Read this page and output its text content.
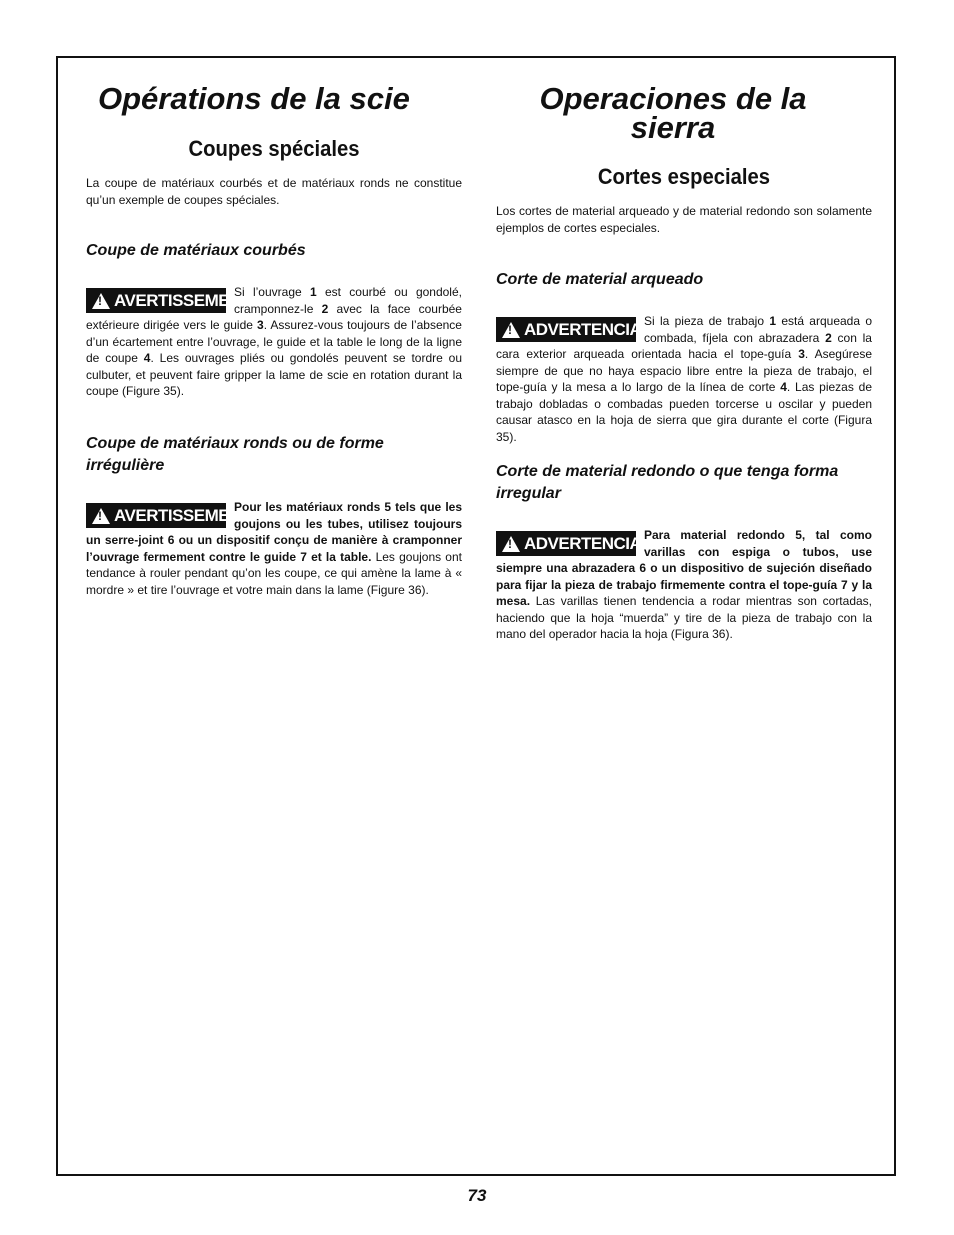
Opérations de la scie
Coupes spéciales

La coupe de matériaux courbés et de matériaux ronds ne constitue qu’un exemple de coupes spéciales.

Coupe de matériaux courbés
!
AVERTISSEMENT
Si l’ouvrage 1 est courbé ou gondolé, cramponnez-le 2 avec la face courbée extérieure dirigée vers le guide 3. Assurez-vous toujours de l’absence d’un écartement entre l’ouvrage, le guide et la table le long de la ligne de coupe 4. Les ouvrages pliés ou gondolés peuvent se tordre ou culbuter, et peuvent faire gripper la lame de scie en rotation durant la coupe (Figure 35).
Coupe de matériaux ronds ou de forme irrégulière
!
AVERTISSEMENT
Pour les matériaux ronds 5 tels que les goujons ou les tubes, utilisez toujours un serre-joint 6 ou un dispositif conçu de manière à cramponner l’ouvrage fermement contre le guide 7 et la table. Les goujons ont tendance à rouler pendant qu’on les coupe, ce qui amène la lame à « mordre » et tire l’ouvrage et votre main dans la lame (Figure 36).
Operaciones de la sierra
Cortes especiales

Los cortes de material arqueado y de material redondo son solamente ejemplos de cortes especiales.

Corte de material arqueado
!
ADVERTENCIA Si la pieza de trabajo 1 está arqueada o combada, fíjela con abrazadera 2 con la cara exterior arqueada orientada hacia el tope-guía 3. Asegúrese siempre de que no haya espacio libre entre la pieza de trabajo, el tope-guía y la mesa a lo largo de la línea de corte 4. Las piezas de trabajo dobladas o combadas pueden torcerse u oscilar y pueden causar atasco en la hoja de sierra que gira durante el corte (Figura 35).
Corte de material redondo o que tenga forma irregular
!
ADVERTENCIA Para material redondo 5, tal como varillas con espiga o tubos, use siempre una abrazadera 6 o un dispositivo de sujeción diseñado para fijar la pieza de trabajo firmemente contra el tope-guía 7 y la mesa. Las varillas tienen tendencia a rodar mientras son cortadas, haciendo que la hoja “muerda” y tire de la pieza de trabajo con la mano del operador hacia la hoja (Figura 36).
73
